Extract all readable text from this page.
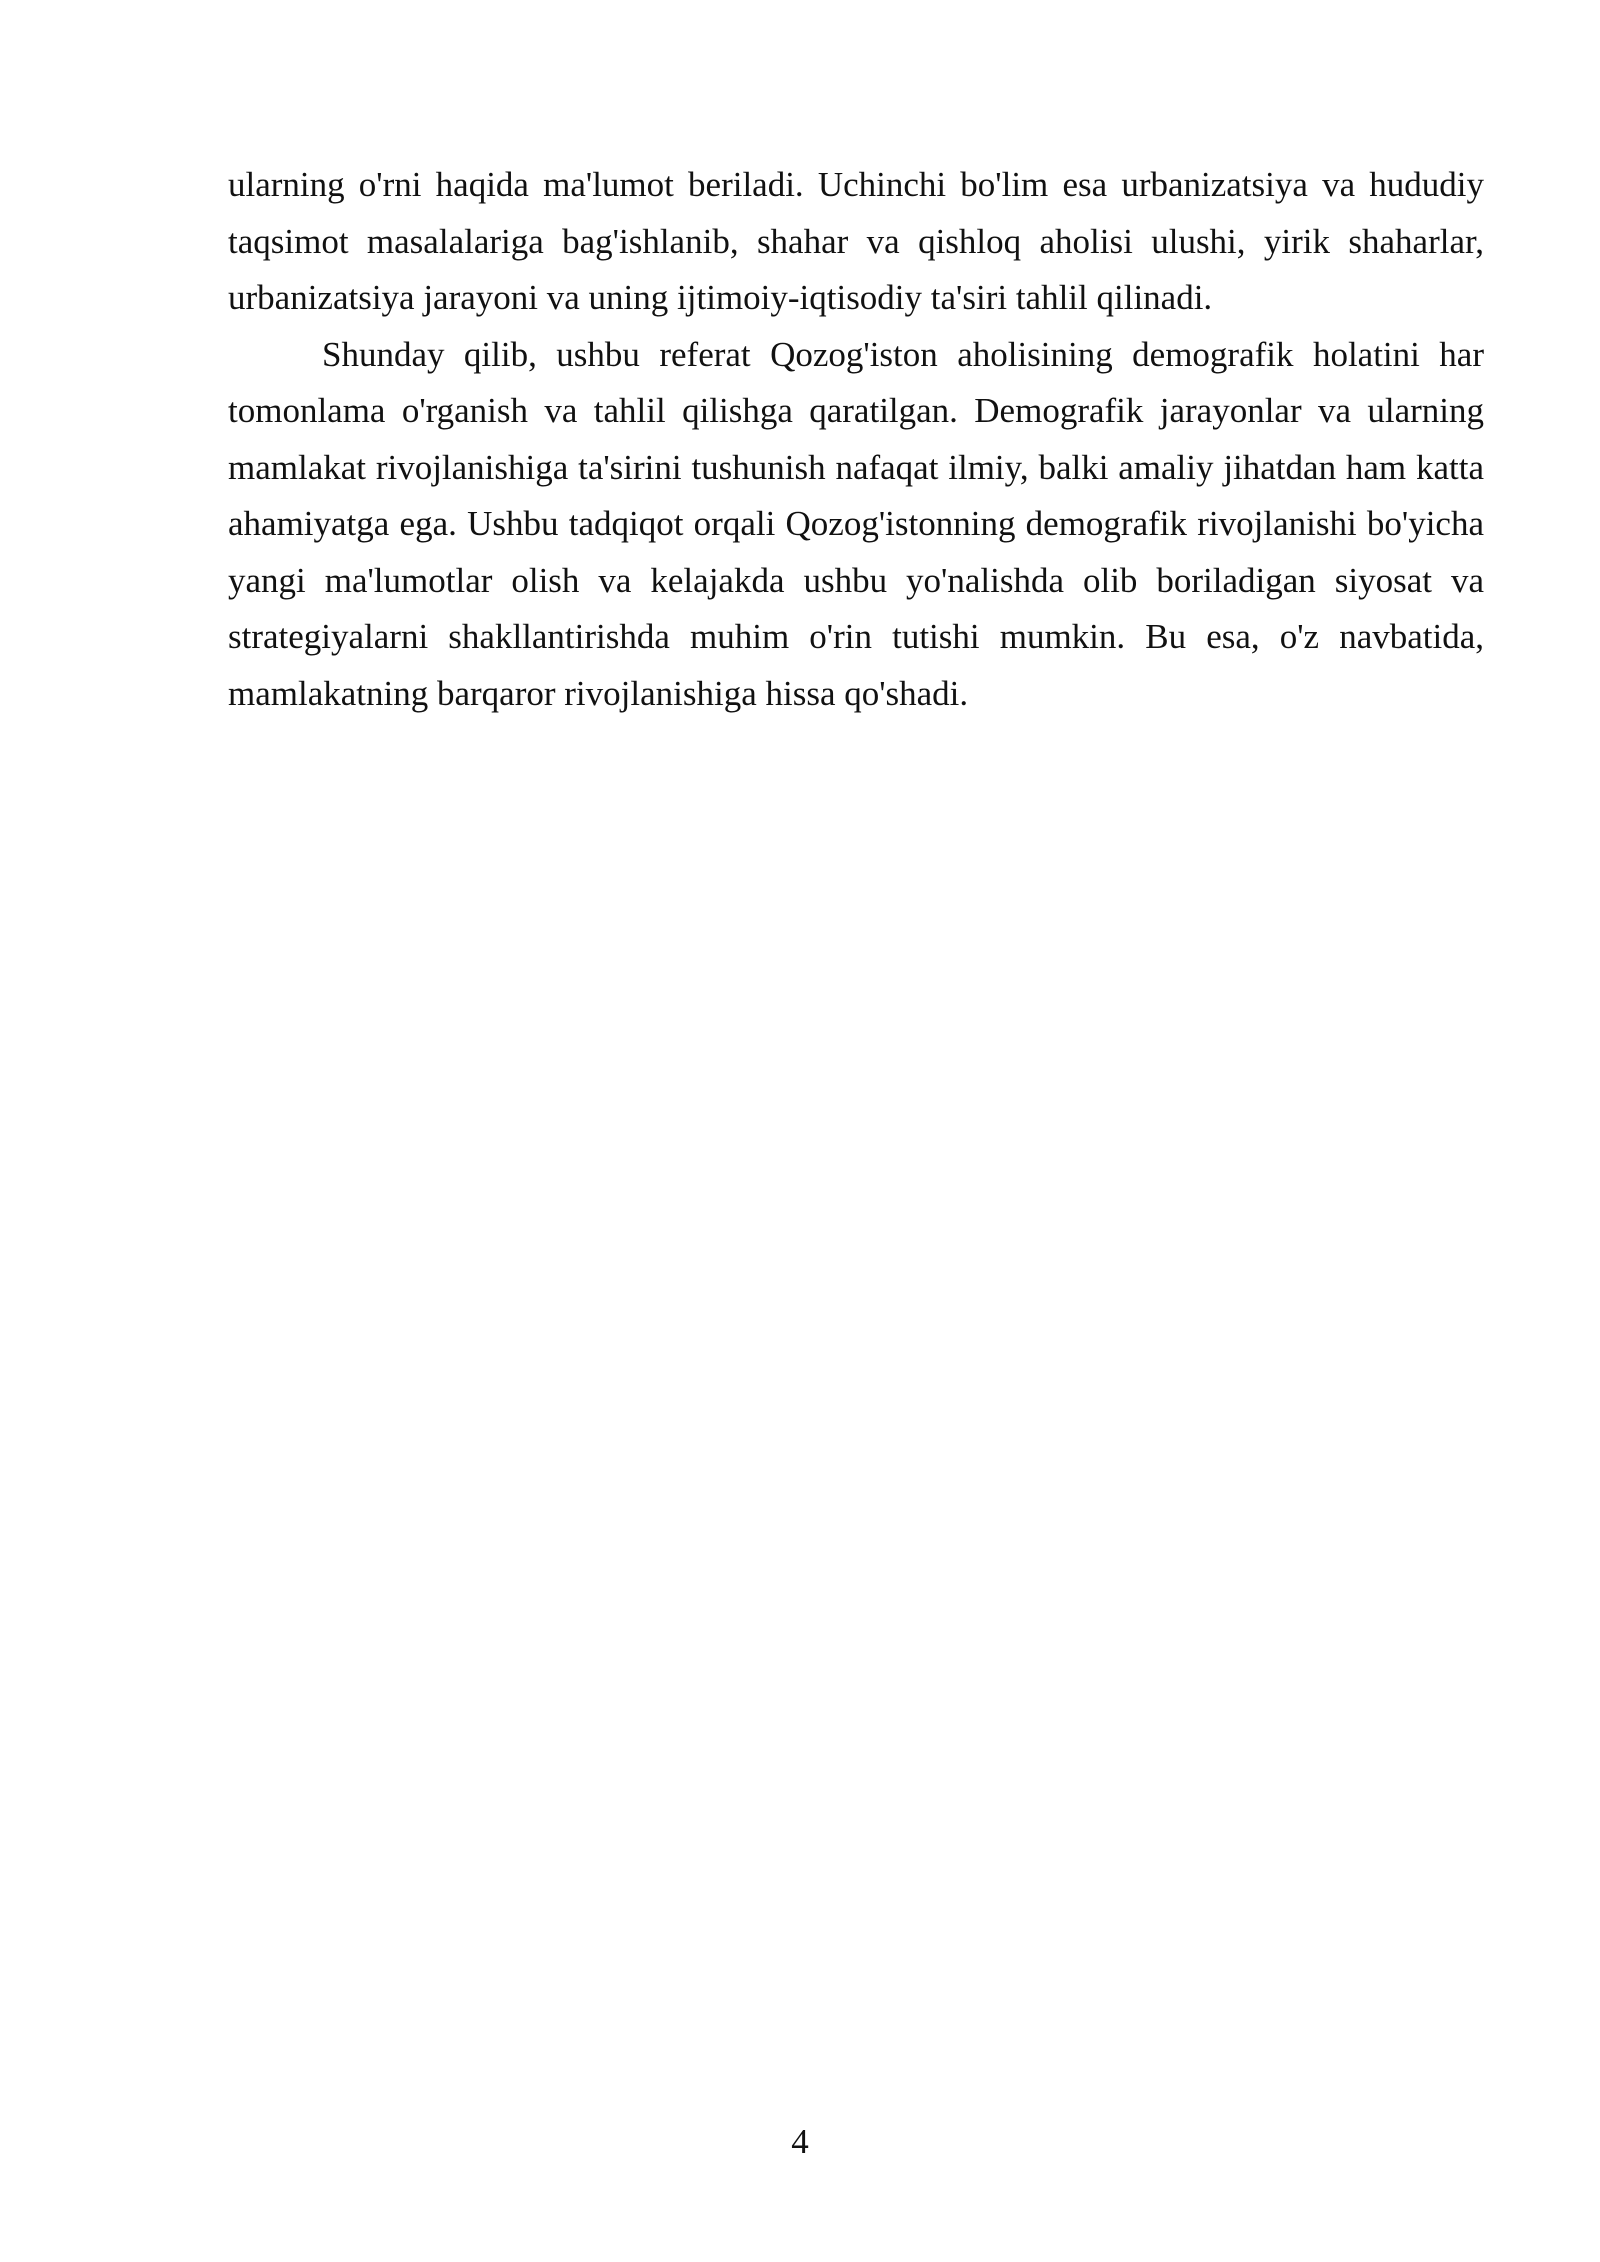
ularning o'rni haqida ma'lumot beriladi. Uchinchi bo'lim esa urbanizatsiya va hududiy taqsimot masalalariga bag'ishlanib, shahar va qishloq aholisi ulushi, yirik shaharlar, urbanizatsiya jarayoni va uning ijtimoiy-iqtisodiy ta'siri tahlil qilinadi.

Shunday qilib, ushbu referat Qozog'iston aholisining demografik holatini har tomonlama o'rganish va tahlil qilishga qaratilgan. Demografik jarayonlar va ularning mamlakat rivojlanishiga ta'sirini tushunish nafaqat ilmiy, balki amaliy jihatdan ham katta ahamiyatga ega. Ushbu tadqiqot orqali Qozog'istonning demografik rivojlanishi bo'yicha yangi ma'lumotlar olish va kelajakda ushbu yo'nalishda olib boriladigan siyosat va strategiyalarni shakllantirishda muhim o'rin tutishi mumkin. Bu esa, o'z navbatida, mamlakatning barqaror rivojlanishiga hissa qo'shadi.

4
